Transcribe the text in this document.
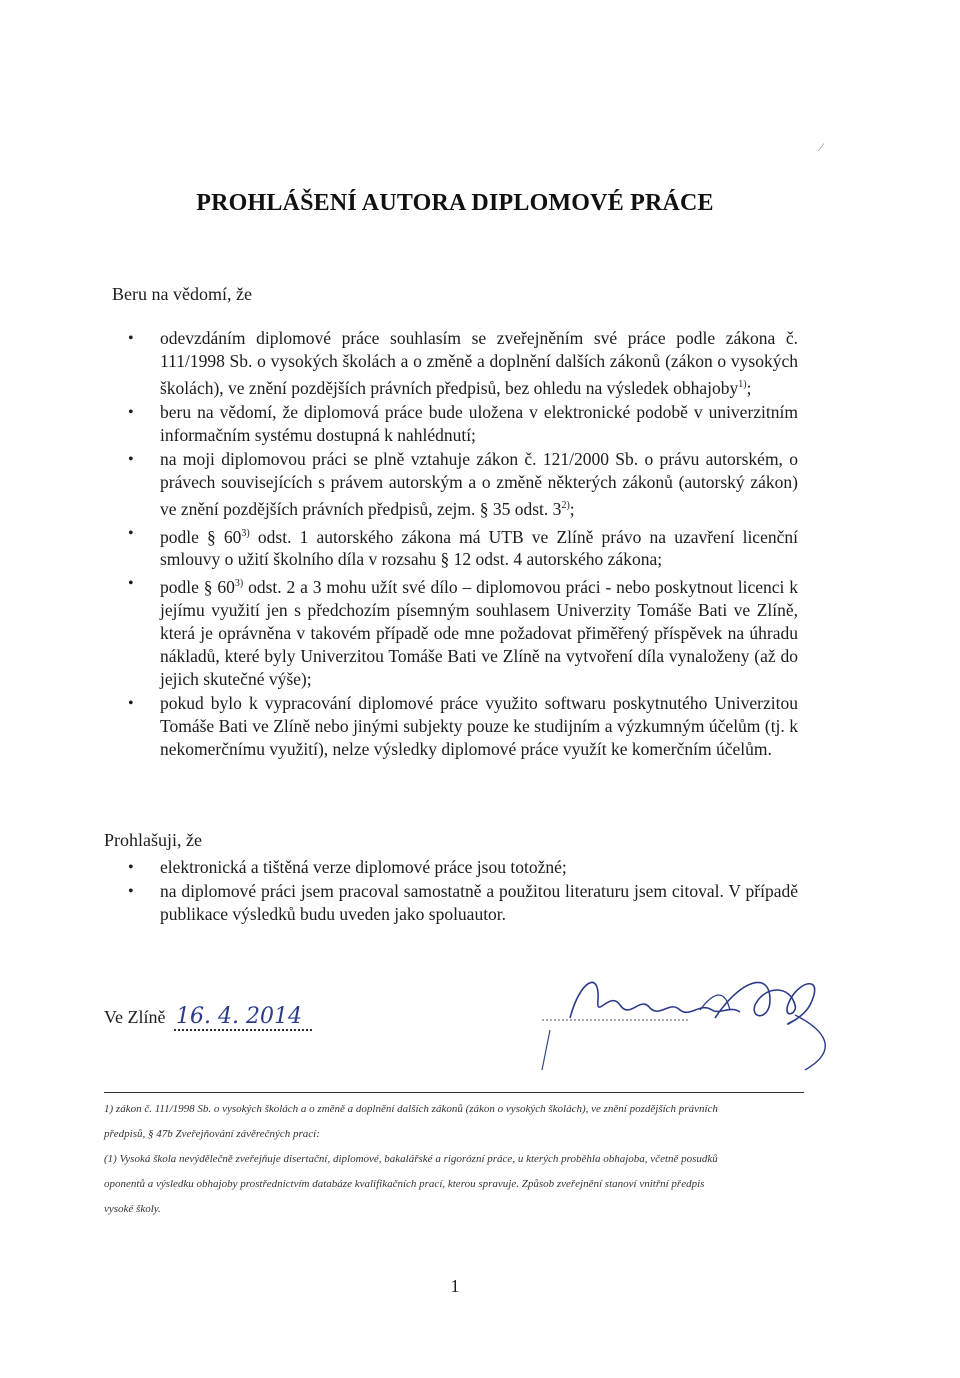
⁄
PROHLÁŠENÍ AUTORA DIPLOMOVÉ PRÁCE
Beru na vědomí, že
• odevzdáním diplomové práce souhlasím se zveřejněním své práce podle zákona č. 111/1998 Sb. o vysokých školách a o změně a doplnění dalších zákonů (zákon o vysokých školách), ve znění pozdějších právních předpisů, bez ohledu na výsledek obhajoby$^{1)}$;
• beru na vědomí, že diplomová práce bude uložena v elektronické podobě v univerzitním informačním systému dostupná k nahlédnutí;
• na moji diplomovou práci se plně vztahuje zákon č. 121/2000 Sb. o právu autorském, o právech souvisejících s právem autorským a o změně některých zákonů (autorský zákon) ve znění pozdějších právních předpisů, zejm. § 35 odst. 3$^{2)}$;
• podle § 60$^{3)}$ odst. 1 autorského zákona má UTB ve Zlíně právo na uzavření licenční smlouvy o užití školního díla v rozsahu § 12 odst. 4 autorského zákona;
• podle § 60$^{3)}$ odst. 2 a 3 mohu užít své dílo – diplomovou práci - nebo poskytnout licenci k jejímu využití jen s předchozím písemným souhlasem Univerzity Tomáše Bati ve Zlíně, která je oprávněna v takovém případě ode mne požadovat přiměřený příspěvek na úhradu nákladů, které byly Univerzitou Tomáše Bati ve Zlíně na vytvoření díla vynaloženy (až do jejich skutečné výše);
• pokud bylo k vypracování diplomové práce využito softwaru poskytnutého Univerzitou Tomáše Bati ve Zlíně nebo jinými subjekty pouze ke studijním a výzkumným účelům (tj. k nekomerčnímu využití), nelze výsledky diplomové práce využít ke komerčním účelům.
Prohlašuji, že
• elektronická a tištěná verze diplomové práce jsou totožné;
• na diplomové práci jsem pracoval samostatně a použitou literaturu jsem citoval. V případě publikace výsledků budu uveden jako spoluautor.
Ve Zlíně 16. 4. 2014

1) zákon č. 111/1998 Sb. o vysokých školách a o změně a doplnění dalších zákonů (zákon o vysokých školách), ve znění pozdějších právních

předpisů, § 47b Zveřejňování závěrečných prací:

(1) Vysoká škola nevýdělečně zveřejňuje disertační, diplomové, bakalářské a rigorózní práce, u kterých proběhla obhajoba, včetně posudků

oponentů a výsledku obhajoby prostřednictvím databáze kvalifikačních prací, kterou spravuje. Způsob zveřejnění stanoví vnitřní předpis

vysoké školy.

1
